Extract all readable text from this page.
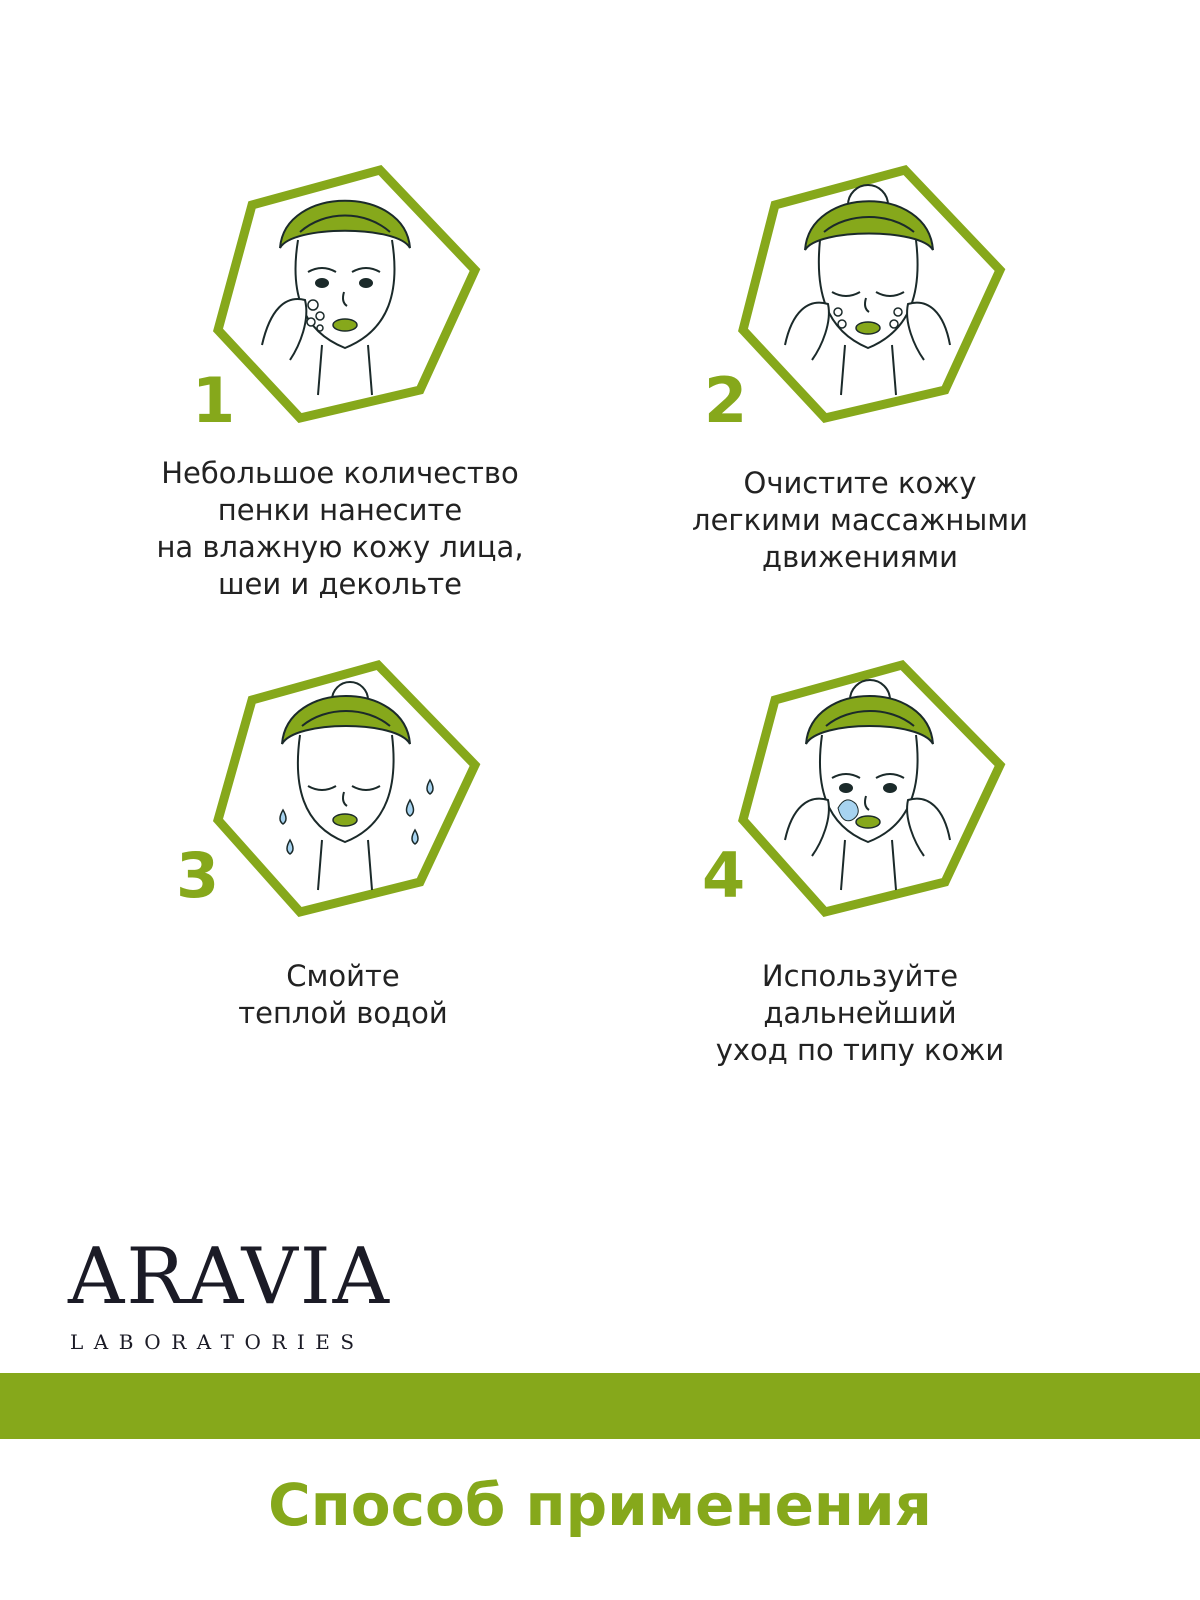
1
Небольшое количество
пенки нанесите
на влажную кожу лица,
шеи и декольте
2
Очистите кожу
легкими массажными
движениями
3
Смойте
теплой водой
4
Используйте
дальнейший
уход по типу кожи
ARAVIA
LABORATORIES
Способ применения
